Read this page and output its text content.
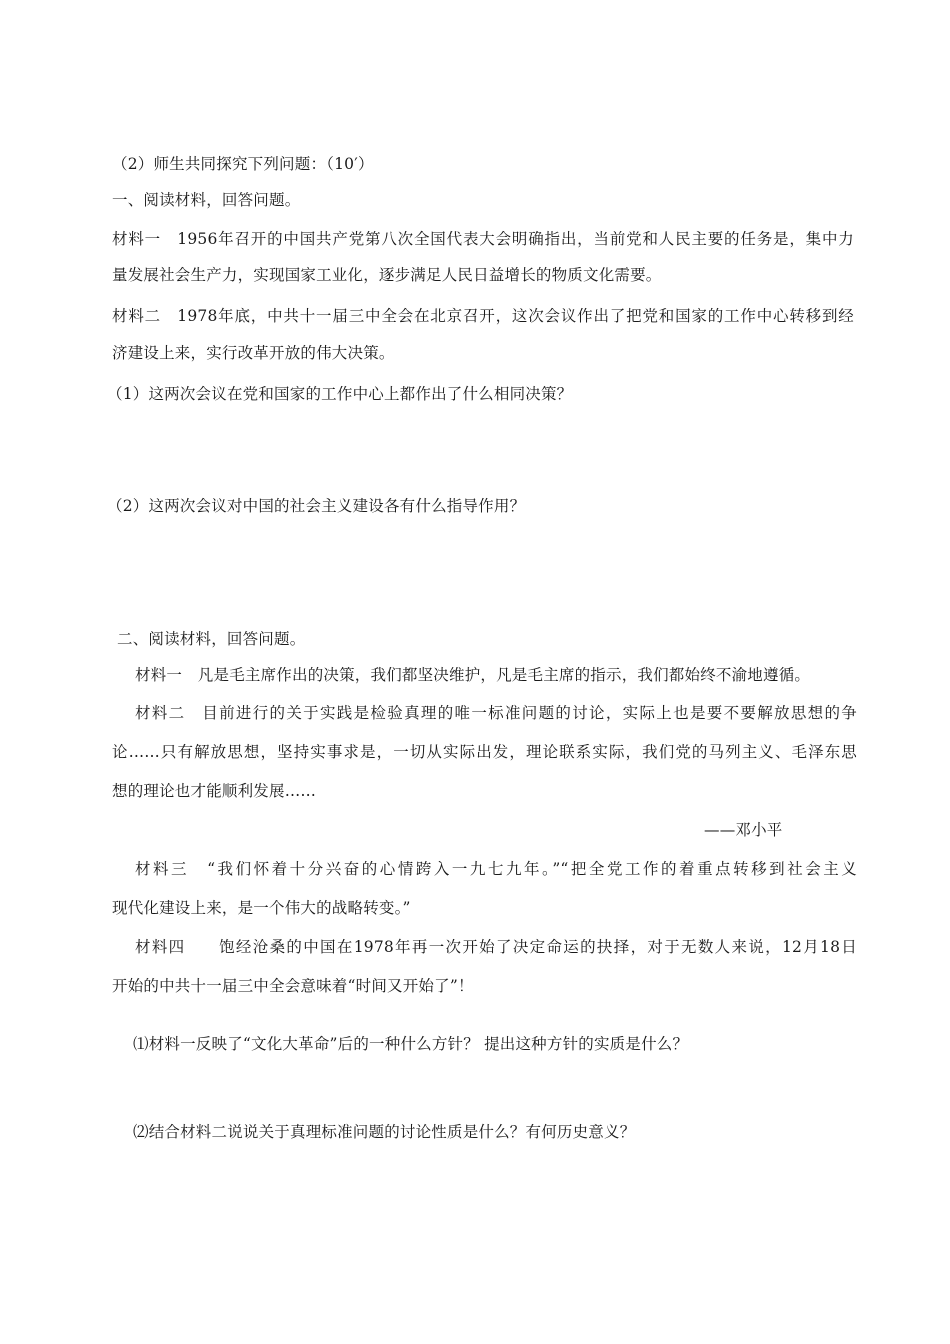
（2）师生共同探究下列问题：（10′）
一、阅读材料，回答问题。
材料一　1956年召开的中国共产党第八次全国代表大会明确指出，当前党和人民主要的任务是，集中力
量发展社会生产力，实现国家工业化，逐步满足人民日益增长的物质文化需要。
材料二　1978年底，中共十一届三中全会在北京召开，这次会议作出了把党和国家的工作中心转移到经
济建设上来，实行改革开放的伟大决策。
（1）这两次会议在党和国家的工作中心上都作出了什么相同决策？
（2）这两次会议对中国的社会主义建设各有什么指导作用？
二、阅读材料，回答问题。
材料一　凡是毛主席作出的决策，我们都坚决维护，凡是毛主席的指示，我们都始终不渝地遵循。
材料二　目前进行的关于实践是检验真理的唯一标准问题的讨论，实际上也是要不要解放思想的争
论……只有解放思想，坚持实事求是，一切从实际出发，理论联系实际，我们党的马列主义、毛泽东思
想的理论也才能顺利发展……
——邓小平
材料三　“我们怀着十分兴奋的心情跨入一九七九年。”“把全党工作的着重点转移到社会主义
现代化建设上来，是一个伟大的战略转变。”
材料四　　饱经沧桑的中国在1978年再一次开始了决定命运的抉择，对于无数人来说，12月18日
开始的中共十一届三中全会意味着“时间又开始了”！
⑴材料一反映了“文化大革命”后的一种什么方针？ 提出这种方针的实质是什么？
⑵结合材料二说说关于真理标准问题的讨论性质是什么？有何历史意义？
